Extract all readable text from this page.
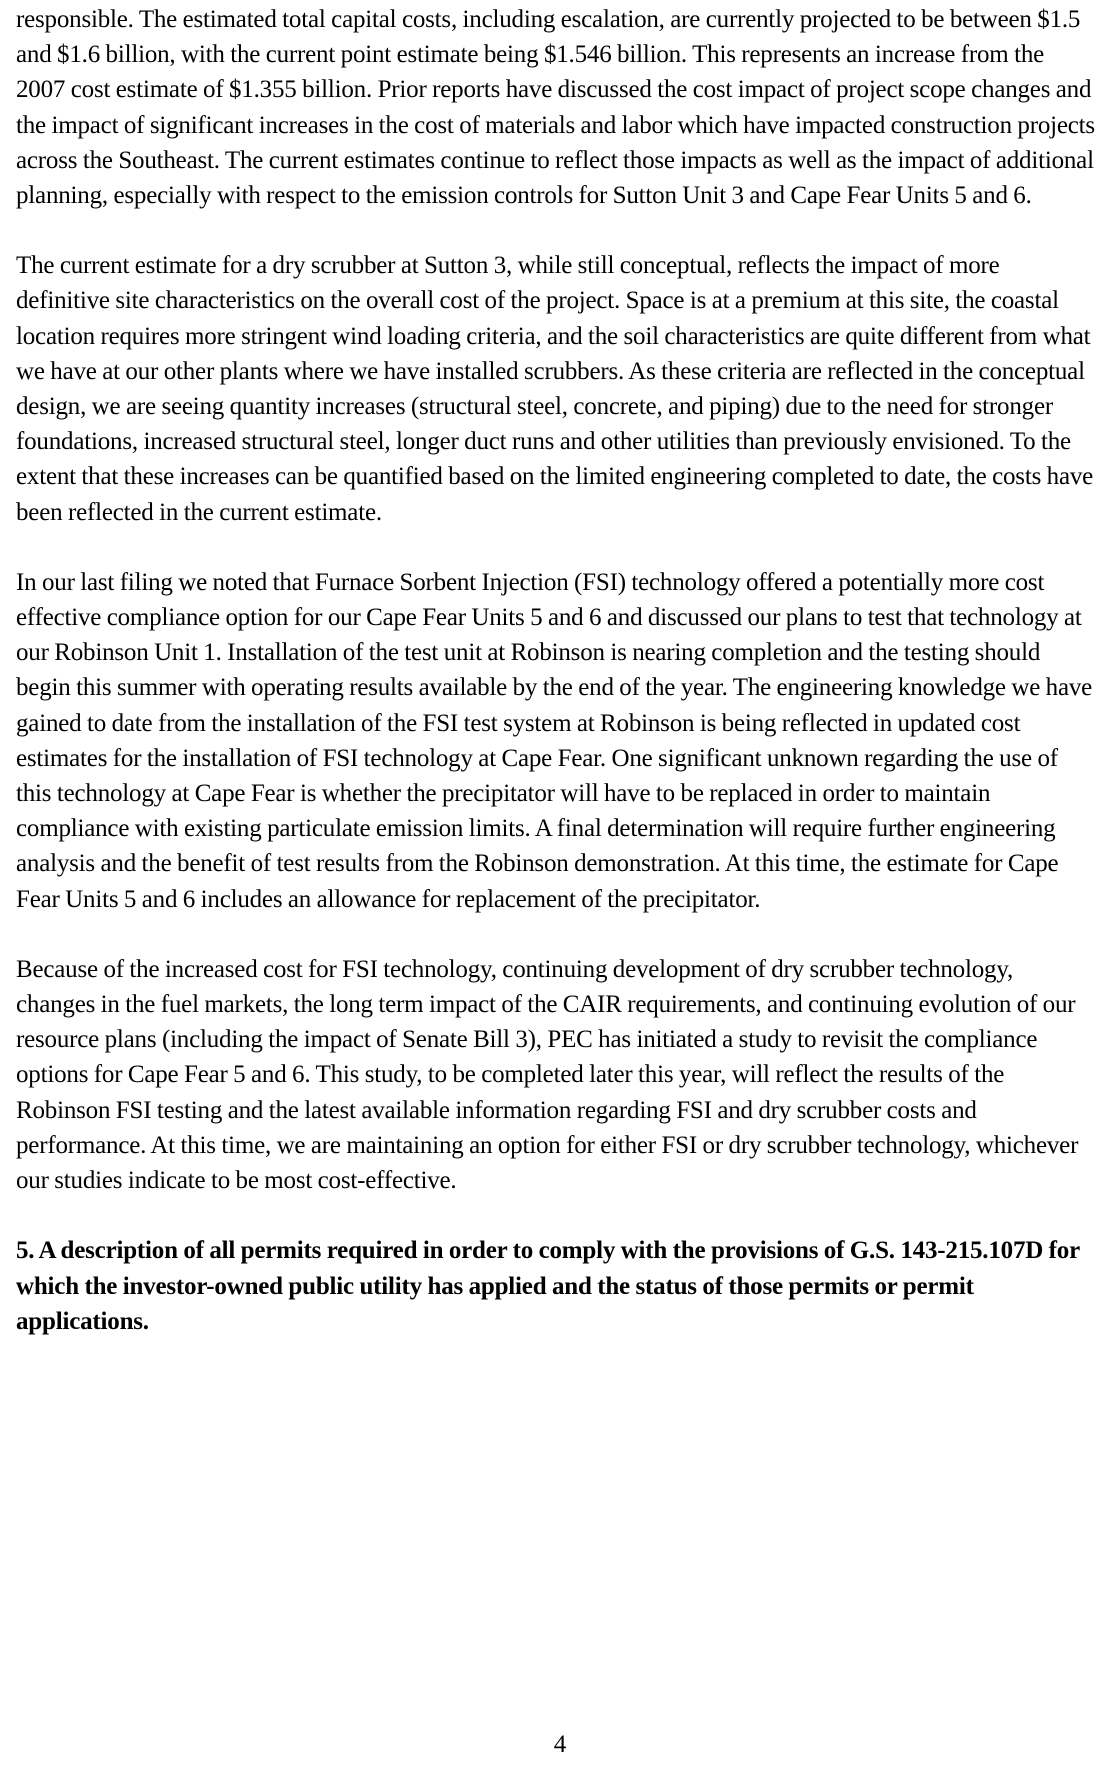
responsible. The estimated total capital costs, including escalation, are currently projected to be between $1.5 and $1.6 billion, with the current point estimate being $1.546 billion. This represents an increase from the 2007 cost estimate of $1.355 billion. Prior reports have discussed the cost impact of project scope changes and the impact of significant increases in the cost of materials and labor which have impacted construction projects across the Southeast. The current estimates continue to reflect those impacts as well as the impact of additional planning, especially with respect to the emission controls for Sutton Unit 3 and Cape Fear Units 5 and 6.

The current estimate for a dry scrubber at Sutton 3, while still conceptual, reflects the impact of more definitive site characteristics on the overall cost of the project. Space is at a premium at this site, the coastal location requires more stringent wind loading criteria, and the soil characteristics are quite different from what we have at our other plants where we have installed scrubbers. As these criteria are reflected in the conceptual design, we are seeing quantity increases (structural steel, concrete, and piping) due to the need for stronger foundations, increased structural steel, longer duct runs and other utilities than previously envisioned. To the extent that these increases can be quantified based on the limited engineering completed to date, the costs have been reflected in the current estimate.

In our last filing we noted that Furnace Sorbent Injection (FSI) technology offered a potentially more cost effective compliance option for our Cape Fear Units 5 and 6 and discussed our plans to test that technology at our Robinson Unit 1. Installation of the test unit at Robinson is nearing completion and the testing should begin this summer with operating results available by the end of the year. The engineering knowledge we have gained to date from the installation of the FSI test system at Robinson is being reflected in updated cost estimates for the installation of FSI technology at Cape Fear. One significant unknown regarding the use of this technology at Cape Fear is whether the precipitator will have to be replaced in order to maintain compliance with existing particulate emission limits. A final determination will require further engineering analysis and the benefit of test results from the Robinson demonstration. At this time, the estimate for Cape Fear Units 5 and 6 includes an allowance for replacement of the precipitator.

Because of the increased cost for FSI technology, continuing development of dry scrubber technology, changes in the fuel markets, the long term impact of the CAIR requirements, and continuing evolution of our resource plans (including the impact of Senate Bill 3), PEC has initiated a study to revisit the compliance options for Cape Fear 5 and 6. This study, to be completed later this year, will reflect the results of the Robinson FSI testing and the latest available information regarding FSI and dry scrubber costs and performance. At this time, we are maintaining an option for either FSI or dry scrubber technology, whichever our studies indicate to be most cost-effective.

5. A description of all permits required in order to comply with the provisions of G.S. 143-215.107D for which the investor-owned public utility has applied and the status of those permits or permit applications.

4
